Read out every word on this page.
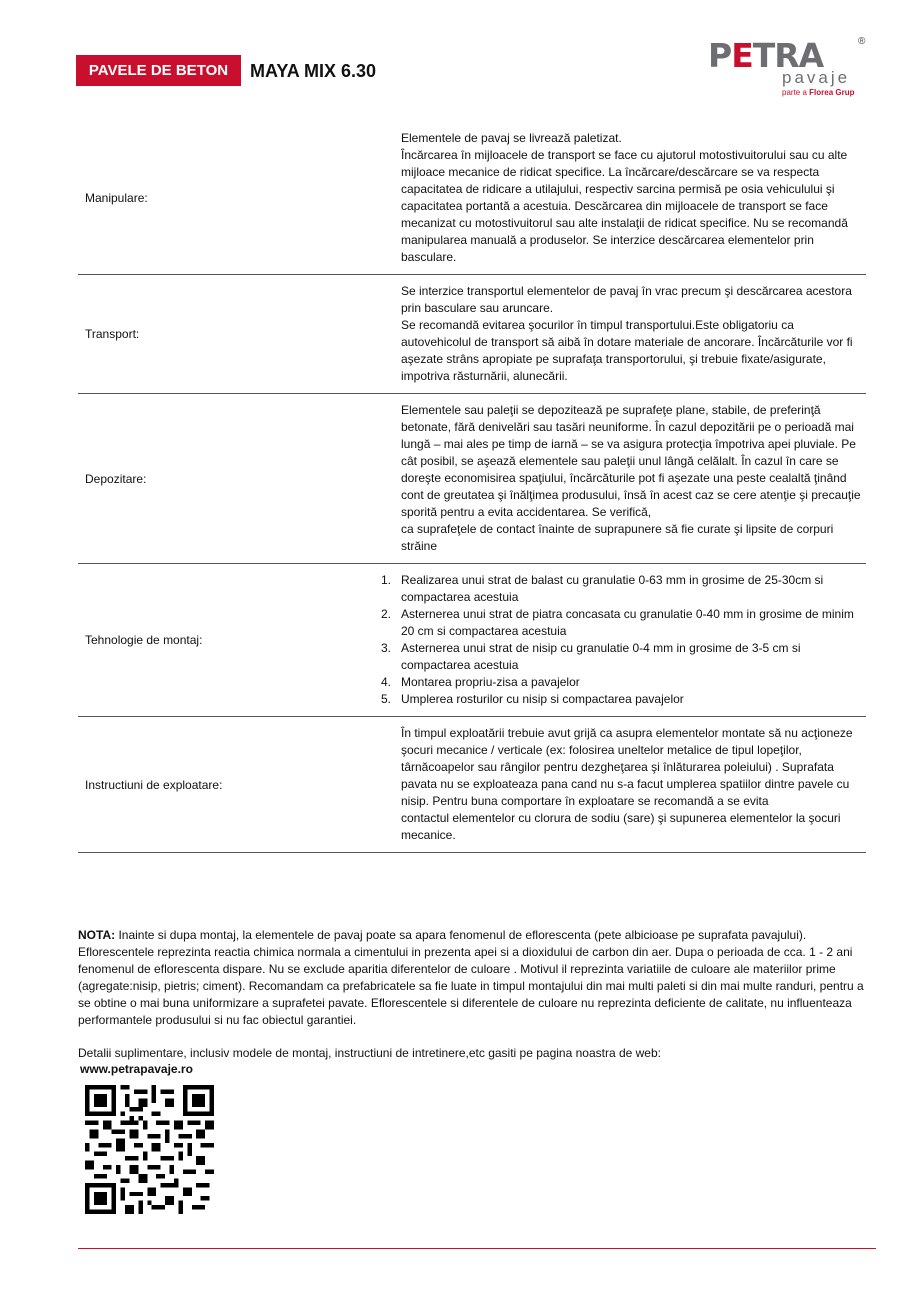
PAVELE DE BETON	MAYA MIX 6.30	PETRA	®
pavaje
parte a Florea Grup
Manipulare:

Elementele de pavaj se livrează paletizat.

Încărcarea în mijloacele de transport se face cu ajutorul motostivuitorului sau cu alte mijloace mecanice de ridicat specifice. La încărcare/descărcare se va respecta capacitatea de ridicare a utilajului, respectiv sarcina permisă pe osia vehiculului şi capacitatea portantă a acestuia. Descărcarea din mijloacele de transport se face mecanizat cu motostivuitorul sau alte instalaţii de ridicat specifice. Nu se recomandă

manipularea manuală a produselor. Se interzice descărcarea elementelor prin basculare.

Transport:

Se interzice transportul elementelor de pavaj în vrac precum şi descărcarea acestora prin basculare sau aruncare.

Se recomandă evitarea şocurilor în timpul transportului.Este obligatoriu ca autovehicolul de transport să aibă în dotare materiale de ancorare. Încărcăturile vor fi aşezate strâns apropiate pe suprafaţa transportorului, şi trebuie fixate/asigurate, impotriva răsturnării, alunecării.

Depozitare:

Elementele sau paleţii se depozitează pe suprafeţe plane, stabile, de preferinţă betonate, fără denivelări sau tasări neuniforme. În cazul depozitării pe o perioadă mai lungă – mai ales pe timp de iarnă – se va asigura protecţia împotriva apei pluviale. Pe cât posibil, se aşează elementele sau paleţii unul lângă celălalt. În cazul în care se doreşte economisirea spaţiului, încărcăturile pot fi aşezate una peste cealaltă ţinând cont de greutatea şi înălţimea produsului, însă în acest caz se cere atenţie şi precauţie sporită pentru a evita accidentarea. Se verifică,

ca suprafeţele de contact înainte de suprapunere să fie curate şi lipsite de corpuri străine

Tehnologie de montaj:
1. Realizarea unui strat de balast cu granulatie 0-63 mm in grosime de 25-30cm si compactarea acestuia
2. Asternerea unui strat de piatra concasata cu granulatie 0-40 mm in grosime de minim 20 cm si compactarea acestuia
3. Asternerea unui strat de nisip cu granulatie 0-4 mm in grosime de 3-5 cm si compactarea acestuia
4. Montarea propriu-zisa a pavajelor
5. Umplerea rosturilor cu nisip si compactarea pavajelor
Instructiuni de exploatare:

În timpul exploatării trebuie avut grijă ca asupra elementelor montate să nu acţioneze şocuri mecanice / verticale (ex: folosirea uneltelor metalice de tipul lopeţilor, târnăcoapelor sau rângilor pentru dezgheţarea şi înlăturarea poleiului) . Suprafata pavata nu se exploateaza pana cand nu s-a facut umplerea spatiilor dintre pavele cu nisip. Pentru buna comportare în exploatare se recomandă a se evita

contactul elementelor cu clorura de sodiu (sare) şi supunerea elementelor la şocuri mecanice.

NOTA: Inainte si dupa montaj, la elementele de pavaj poate sa apara fenomenul de eflorescenta (pete albicioase pe suprafata pavajului). Eflorescentele reprezinta reactia chimica normala a cimentului in prezenta apei si a dioxidului de carbon din aer. Dupa o perioada de cca. 1 - 2 ani fenomenul de eflorescenta dispare. Nu se exclude aparitia diferentelor de culoare . Motivul il reprezinta variatiile de culoare ale materiilor prime (agregate:nisip, pietris; ciment). Recomandam ca prefabricatele sa fie luate in timpul montajului din mai multi paleti si din mai multe randuri, pentru a se obtine o mai buna uniformizare a suprafetei pavate. Eflorescentele si diferentele de culoare nu reprezinta deficiente de calitate, nu influenteaza performantele produsului si nu fac obiectul garantiei.
Detalii suplimentare, inclusiv modele de montaj, instructiuni de intretinere,etc gasiti pe pagina noastra de web:
www.petrapavaje.ro
